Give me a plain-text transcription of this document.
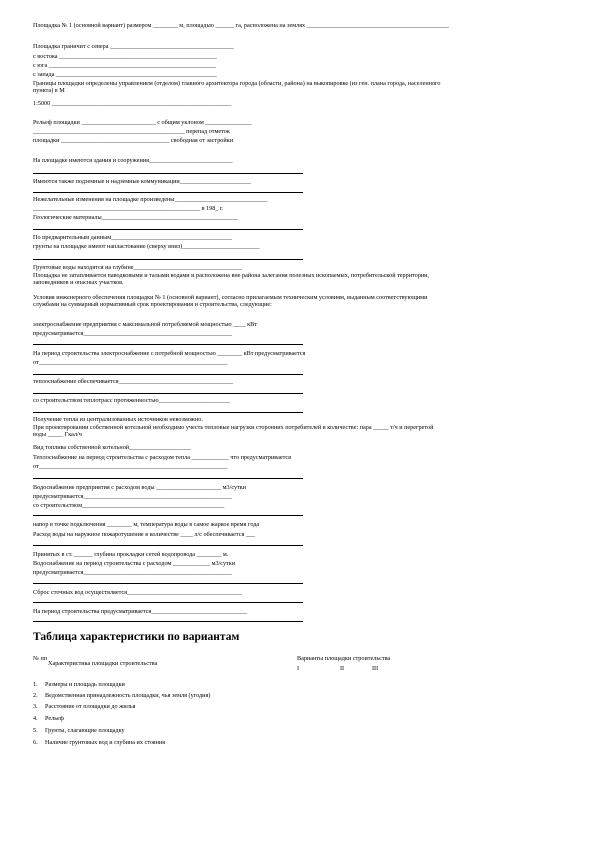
Площадка № 1 (основной вариант) размером ________ м, площадью ______ га, расположена на землях ______________________________________________
Площадка граничит с севера ________________________________________
с востока ___________________________________________________
с юга ______________________________________________________
с запада ____________________________________________________
Границы площадки определены управлением (отделом) главного архитектора города (области, района) на выкопировке (из ген. плана города, населенного пункта) в М
1:5000 __________________________________________________________
Рельеф площадки ________________________ с общим уклоном _______________
_________________________________________________ перепад отметок
площадки ___________________________________ свободная от застройки
На площадке имеются здания и сооружения___________________________
Имеются также подземные и надземные коммуникации_______________________
Нежелательные изменения на площадке произведены______________________________
______________________________________________________ в 198_ г.
Геологические материалы____________________________________________
По предварительным данным_______________________________________
грунты на площадке имеют напластование (сверху вниз)_________________________
Грунтовые воды находятся на глубине___________________________________
Площадка не затапливается паводковыми и талыми водами и расположена вне района залегания полезных ископаемых, потребительской территории, заповедников и опасных участков.
Условия инженерного обеспечения площадки № 1 (основной вариант), согласно прилагаемым техническим условиям, выданным соответствующими службами на суммарный нормативный срок проектирования и строительства, следующие:
электроснабжение предприятия с максимальной потребляемой мощностью ____ кВт
предусматривается________________________________________________
На период строительства электроснабжение с потребной мощностью ________ кВт предусматривается
от_____________________________________________________________
теплоснабжение обеспечивается_____________________________________
со строительством теплотрасс протяженностью_______________________
Получение тепла из централизованных источников невозможно.
При проектировании собственной котельной необходимо учесть тепловые нагрузки сторонних потребителей в количестве: пара _____ т/ч и перегретой воды _____ Гкал/ч
Вид топлива собственной котельной____________________
Теплоснабжение на период строительства с расходом тепла ____________ что предусматривается
от_____________________________________________________________
Водоснабжение предприятия с расходом воды _____________________ м3/сутки
предусматривается________________________________________________
со строительством______________________________________________
напор в точке подключения ________ м, температура воды в самое жаркое время года
Расход воды на наружное пожаротушение в количестве ____ л/с обеспечивается ___
Принятых в ст. ______ глубина прокладки сетей водопровода ________ м.
Водоснабжение на период строительства с расходом ____________ м3/сутки
предусматривается________________________________________________
Сброс сточных вод осуществляется_____________________________________
На период строительства предусматривается_______________________________
Таблица характеристики по вариантам
№ пп
Характеристика площадки строительства
Варианты площадки строительства
I	II	III
1. Размеры и площадь площадки
2. Ведомственная принадлежность площадки, чья земля (угодия)
3. Расстояние от площадки до жилья
4. Рельеф
5. Грунты, слагающие площадку
6. Наличие грунтовых вод и глубина их стояния
